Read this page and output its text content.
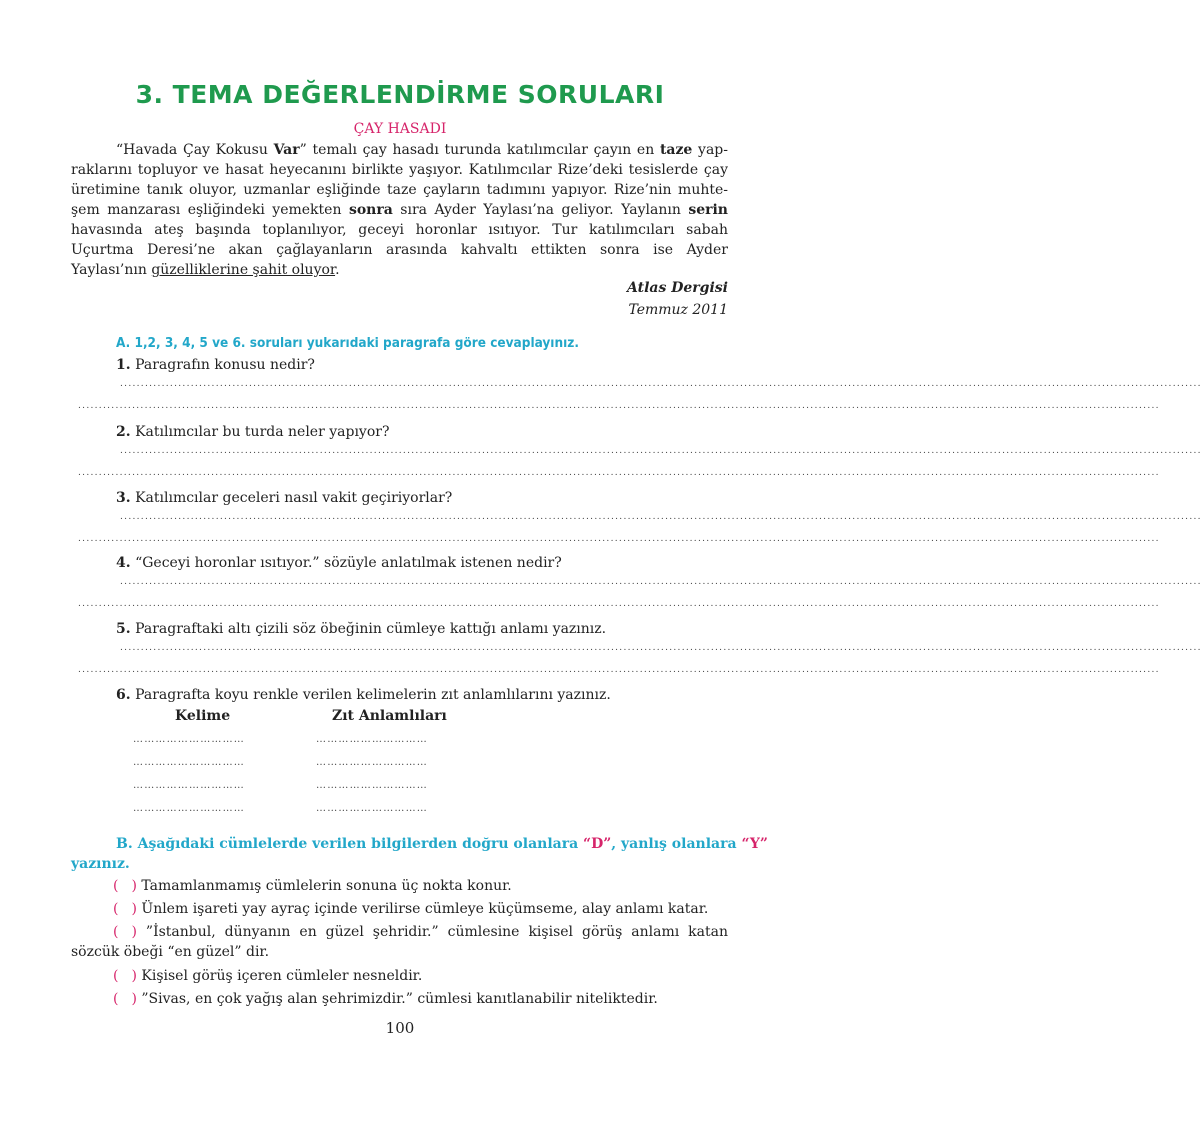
3. TEMA DEĞERLENDİRME SORULARI
ÇAY HASADI
“Havada Çay Kokusu Var” temalı çay hasadı turunda katılımcılar çayın en taze yap-
raklarını topluyor ve hasat heyecanını birlikte yaşıyor. Katılımcılar Rize’deki tesislerde çay
üretimine tanık oluyor, uzmanlar eşliğinde taze çayların tadımını yapıyor. Rize’nin muhte-
şem manzarası eşliğindeki yemekten sonra sıra Ayder Yaylası’na geliyor. Yaylanın serin
havasında ateş başında toplanılıyor, geceyi horonlar ısıtıyor. Tur katılımcıları sabah
Uçurtma Deresi’ne akan çağlayanların arasında kahvaltı ettikten sonra ise Ayder
Yaylası’nın güzelliklerine şahit oluyor.
Atlas Dergisi
Temmuz 2011
A. 1,2, 3, 4, 5 ve 6. soruları yukarıdaki paragrafa göre cevaplayınız.
1. Paragrafın konusu nedir?
....................................................................................................................................................................................................................................................................
....................................................................................................................................................................................................................................................................
2. Katılımcılar bu turda neler yapıyor?
....................................................................................................................................................................................................................................................................
....................................................................................................................................................................................................................................................................
3. Katılımcılar geceleri nasıl vakit geçiriyorlar?
....................................................................................................................................................................................................................................................................
....................................................................................................................................................................................................................................................................
4. “Geceyi horonlar ısıtıyor.” sözüyle anlatılmak istenen nedir?
....................................................................................................................................................................................................................................................................
....................................................................................................................................................................................................................................................................
5. Paragraftaki altı çizili söz öbeğinin cümleye kattığı anlamı yazınız.
....................................................................................................................................................................................................................................................................
....................................................................................................................................................................................................................................................................
6. Paragrafta koyu renkle verilen kelimelerin zıt anlamlılarını yazınız.
Kelime	Zıt Anlamlıları
…………………………	…………………………
…………………………	…………………………
…………………………	…………………………
…………………………	…………………………
B. Aşağıdaki cümlelerde verilen bilgilerden doğru olanlara “D”, yanlış olanlara “Y”
yazınız.
( ) Tamamlanmamış cümlelerin sonuna üç nokta konur.
( ) Ünlem işareti yay ayraç içinde verilirse cümleye küçümseme, alay anlamı katar.
( ) ”İstanbul, dünyanın en güzel şehridir.” cümlesine kişisel görüş anlamı katan
sözcük öbeği “en güzel” dir.
( ) Kişisel görüş içeren cümleler nesneldir.
( ) ”Sivas, en çok yağış alan şehrimizdir.” cümlesi kanıtlanabilir niteliktedir.
100
